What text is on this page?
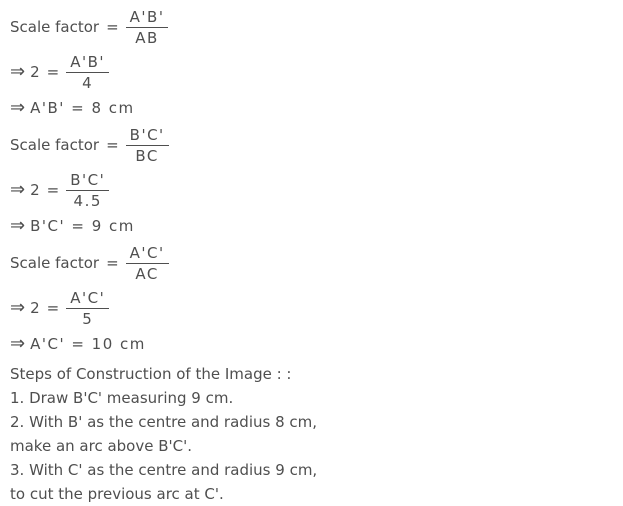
Scale factor = $\frac{A'B'}{AB}$
⇒ $2 = \frac{A'B'}{4}$
⇒ A'B' = 8 cm
Scale factor = $\frac{B'C'}{BC}$
⇒ $2 = \frac{B'C'}{4.5}$
⇒ B'C' = 9 cm
Scale factor = $\frac{A'C'}{AC}$
⇒ $2 = \frac{A'C'}{5}$
⇒ A'C' = 10 cm
Steps of Construction of the Image : :
1. Draw B'C' measuring 9 cm.
2. With B' as the centre and radius 8 cm,
make an arc above B'C'.
3. With C' as the centre and radius 9 cm,
to cut the previous arc at C'.
